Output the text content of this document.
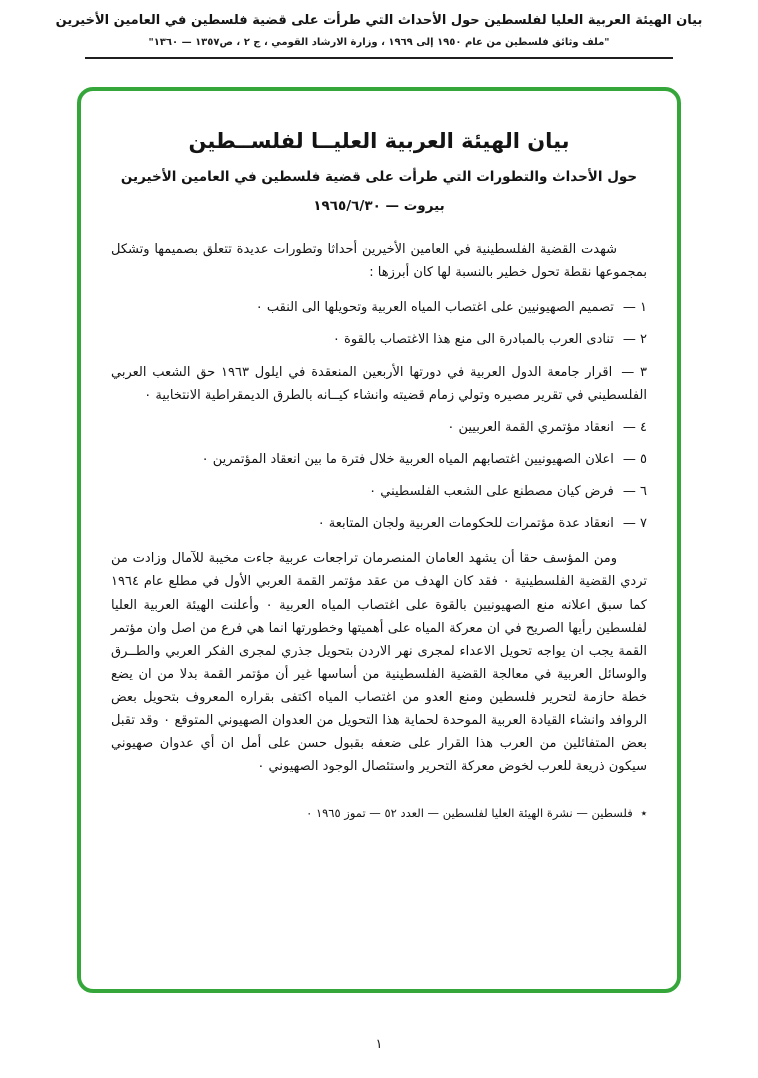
بيان الهيئة العربية العليا لفلسطين حول الأحداث التي طرأت على قضية فلسطين في العامين الأخيرين
"ملف وثائق فلسطين من عام ١٩٥٠ إلى ١٩٦٩ ، وزارة الارشاد القومي ، ج ٢ ، ص١٣٥٧ — ١٣٦٠"
بيان الهيئة العربية العليــا لفلســطين
حول الأحداث والتطورات التي طرأت على قضية فلسطين في العامين الأخيرين
بيروت — ١٩٦٥/٦/٣٠

شهدت القضية الفلسطينية في العامين الأخيرين أحداثا وتطورات عديدة تتعلق بصميمها وتشكل بمجموعها نقطة تحول خطير بالنسبة لها كان أبرزها :

١ —تصميم الصهيونيين على اغتصاب المياه العربية وتحويلها الى النقب ٠

٢ —تنادى العرب بالمبادرة الى منع هذا الاغتصاب بالقوة ٠

٣ —اقرار جامعة الدول العربية في دورتها الأربعين المنعقدة في ايلول ١٩٦٣ حق الشعب العربي الفلسطيني في تقرير مصيره وتولي زمام قضيته وانشاء كيــانه بالطرق الديمقراطية الانتخابية ٠

٤ —انعقاد مؤتمري القمة العربيين ٠

٥ —اعلان الصهيونيين اغتصابهم المياه العربية خلال فترة ما بين انعقاد المؤتمرين ٠

٦ —فرض كيان مصطنع على الشعب الفلسطيني ٠

٧ —انعقاد عدة مؤتمرات للحكومات العربية ولجان المتابعة ٠

ومن المؤسف حقا أن يشهد العامان المنصرمان تراجعات عربية جاءت مخيبة للآمال وزادت من تردي القضية الفلسطينية ٠ فقد كان الهدف من عقد مؤتمر القمة العربي الأول في مطلع عام ١٩٦٤ كما سبق اعلانه منع الصهيونيين بالقوة على اغتصاب المياه العربية ٠ وأعلنت الهيئة العربية العليا لفلسطين رأيها الصريح في ان معركة المياه على أهميتها وخطورتها انما هي فرع من اصل وان مؤتمر القمة يجب ان يواجه تحويل الاعداء لمجرى نهر الاردن بتحويل جذري لمجرى الفكر العربي والطــرق والوسائل العربية في معالجة القضية الفلسطينية من أساسها غير أن مؤتمر القمة بدلا من ان يضع خطة حازمة لتحرير فلسطين ومنع العدو من اغتصاب المياه اكتفى بقراره المعروف بتحويل بعض الروافد وانشاء القيادة العربية الموحدة لحماية هذا التحويل من العدوان الصهيوني المتوقع ٠ وقد تقبل بعض المتفائلين من العرب هذا القرار على ضعفه بقبول حسن على أمل ان أي عدوان صهيوني سيكون ذريعة للعرب لخوض معركة التحرير واستئصال الوجود الصهيوني ٠

٭فلسطين — نشرة الهيئة العليا لفلسطين — العدد ٥٢ — تموز ١٩٦٥ ٠

١
